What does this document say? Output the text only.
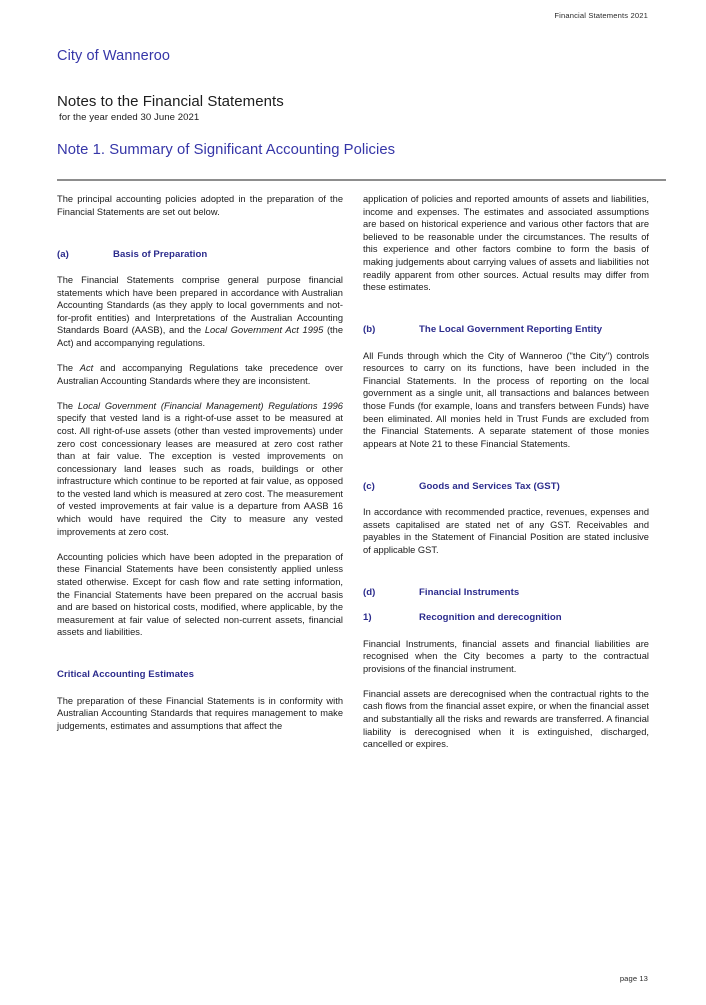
Financial Statements 2021
City of Wanneroo
Notes to the Financial Statements
for the year ended 30 June 2021
Note 1. Summary of Significant Accounting Policies

The principal accounting policies adopted in the preparation of the Financial Statements are set out below.

(a)	Basis of Preparation

The Financial Statements comprise general purpose financial statements which have been prepared in accordance with Australian Accounting Standards (as they apply to local governments and not-for-profit entities) and Interpretations of the Australian Accounting Standards Board (AASB), and the Local Government Act 1995 (the Act) and accompanying regulations.

The Act and accompanying Regulations take precedence over Australian Accounting Standards where they are inconsistent.

The Local Government (Financial Management) Regulations 1996 specify that vested land is a right-of-use asset to be measured at cost. All right-of-use assets (other than vested improvements) under zero cost concessionary leases are measured at zero cost rather than at fair value. The exception is vested improvements on concessionary land leases such as roads, buildings or other infrastructure which continue to be reported at fair value, as opposed to the vested land which is measured at zero cost. The measurement of vested improvements at fair value is a departure from AASB 16 which would have required the City to measure any vested improvements at zero cost.

Accounting policies which have been adopted in the preparation of these Financial Statements have been consistently applied unless stated otherwise. Except for cash flow and rate setting information, the Financial Statements have been prepared on the accrual basis and are based on historical costs, modified, where applicable, by the measurement at fair value of selected non-current assets, financial assets and liabilities.

Critical Accounting Estimates

The preparation of these Financial Statements is in conformity with Australian Accounting Standards that requires management to make judgements, estimates and assumptions that affect the

application of policies and reported amounts of assets and liabilities, income and expenses. The estimates and associated assumptions are based on historical experience and various other factors that are believed to be reasonable under the circumstances. The results of this experience and other factors combine to form the basis of making judgements about carrying values of assets and liabilities not readily apparent from other sources. Actual results may differ from these estimates.

(b)	The Local Government Reporting Entity

All Funds through which the City of Wanneroo ("the City") controls resources to carry on its functions, have been included in the Financial Statements. In the process of reporting on the local government as a single unit, all transactions and balances between those Funds (for example, loans and transfers between Funds) have been eliminated. All monies held in Trust Funds are excluded from the Financial Statements. A separate statement of those monies appears at Note 21 to these Financial Statements.

(c)	Goods and Services Tax (GST)

In accordance with recommended practice, revenues, expenses and assets capitalised are stated net of any GST. Receivables and payables in the Statement of Financial Position are stated inclusive of applicable GST.

(d)	Financial Instruments
1)	Recognition and derecognition

Financial Instruments, financial assets and financial liabilities are recognised when the City becomes a party to the contractual provisions of the financial instrument.

Financial assets are derecognised when the contractual rights to the cash flows from the financial asset expire, or when the financial asset and substantially all the risks and rewards are transferred. A financial liability is derecognised when it is extinguished, discharged, cancelled or expires.

page 13
